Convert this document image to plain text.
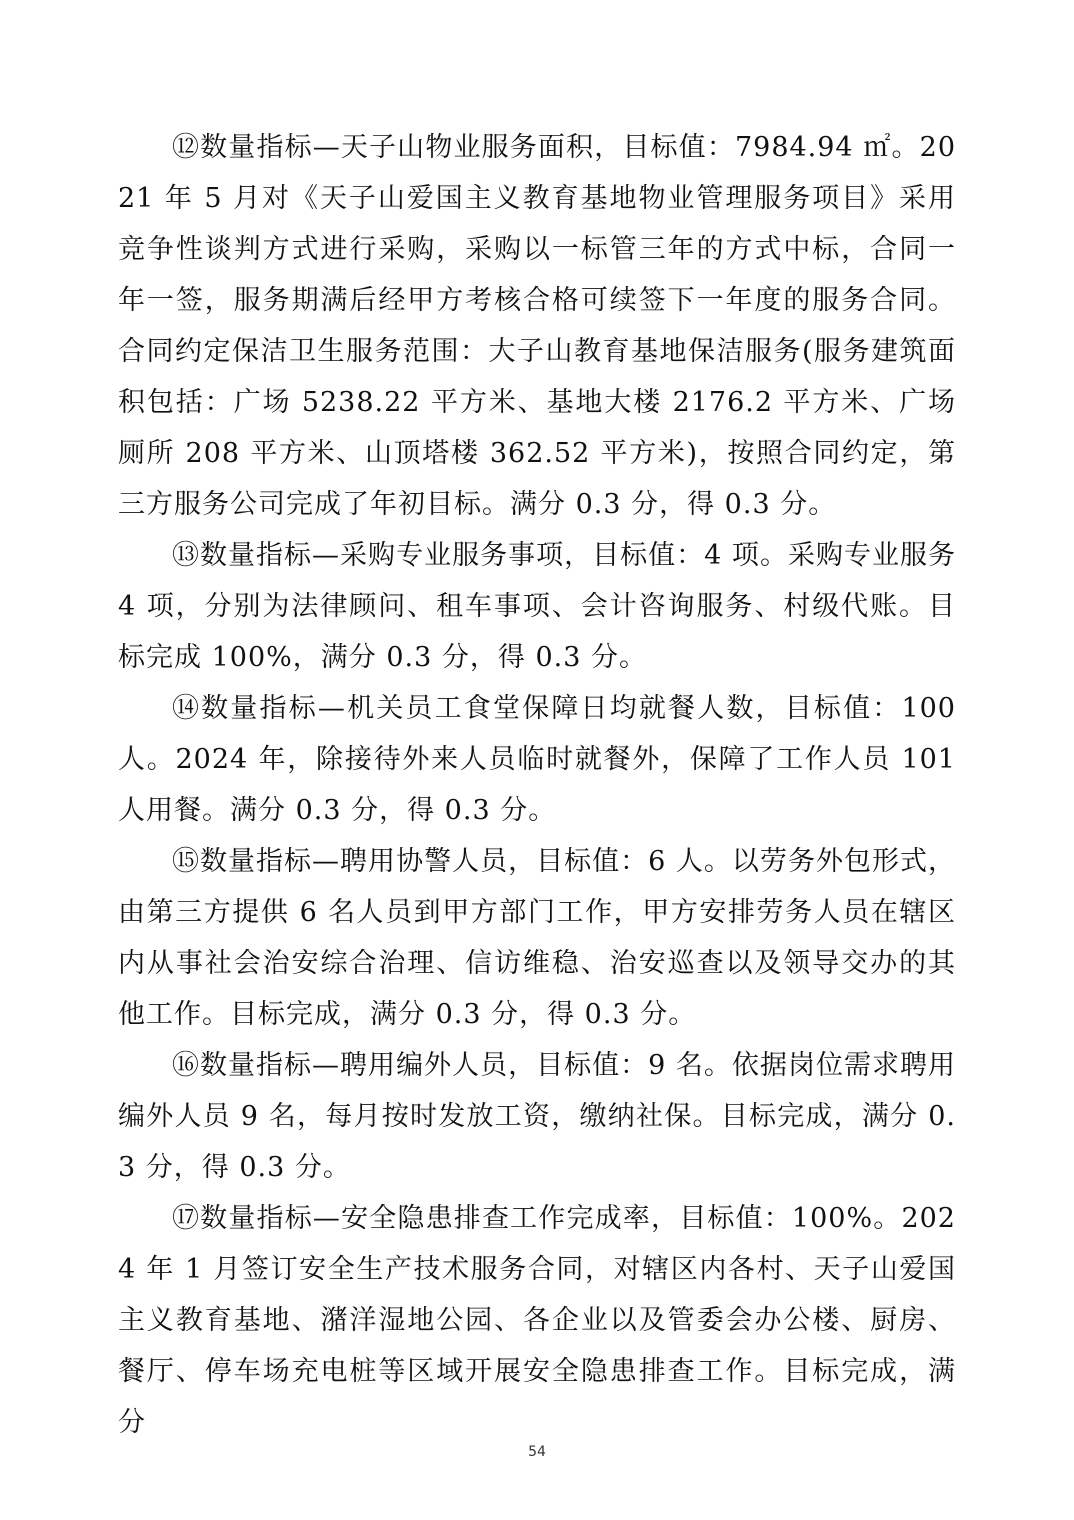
⑫数量指标—天子山物业服务面积，目标值：7984.94 ㎡。2021 年 5 月对《天子山爱国主义教育基地物业管理服务项目》采用竞争性谈判方式进行采购，采购以一标管三年的方式中标，合同一年一签，服务期满后经甲方考核合格可续签下一年度的服务合同。合同约定保洁卫生服务范围：大子山教育基地保洁服务(服务建筑面积包括：广场 5238.22 平方米、基地大楼 2176.2 平方米、广场厕所 208 平方米、山顶塔楼 362.52 平方米)，按照合同约定，第三方服务公司完成了年初目标。满分 0.3 分，得 0.3 分。

⑬数量指标—采购专业服务事项，目标值：4 项。采购专业服务 4 项，分别为法律顾问、租车事项、会计咨询服务、村级代账。目标完成 100%，满分 0.3 分，得 0.3 分。

⑭数量指标—机关员工食堂保障日均就餐人数，目标值：100 人。2024 年，除接待外来人员临时就餐外，保障了工作人员 101 人用餐。满分 0.3 分，得 0.3 分。

⑮数量指标—聘用协警人员，目标值：6 人。以劳务外包形式，由第三方提供 6 名人员到甲方部门工作，甲方安排劳务人员在辖区内从事社会治安综合治理、信访维稳、治安巡查以及领导交办的其他工作。目标完成，满分 0.3 分，得 0.3 分。

⑯数量指标—聘用编外人员，目标值：9 名。依据岗位需求聘用编外人员 9 名，每月按时发放工资，缴纳社保。目标完成，满分 0.3 分，得 0.3 分。

⑰数量指标—安全隐患排查工作完成率，目标值：100%。2024 年 1 月签订安全生产技术服务合同，对辖区内各村、天子山爱国主义教育基地、潴洋湿地公园、各企业以及管委会办公楼、厨房、餐厅、停车场充电桩等区域开展安全隐患排查工作。目标完成，满分

54
